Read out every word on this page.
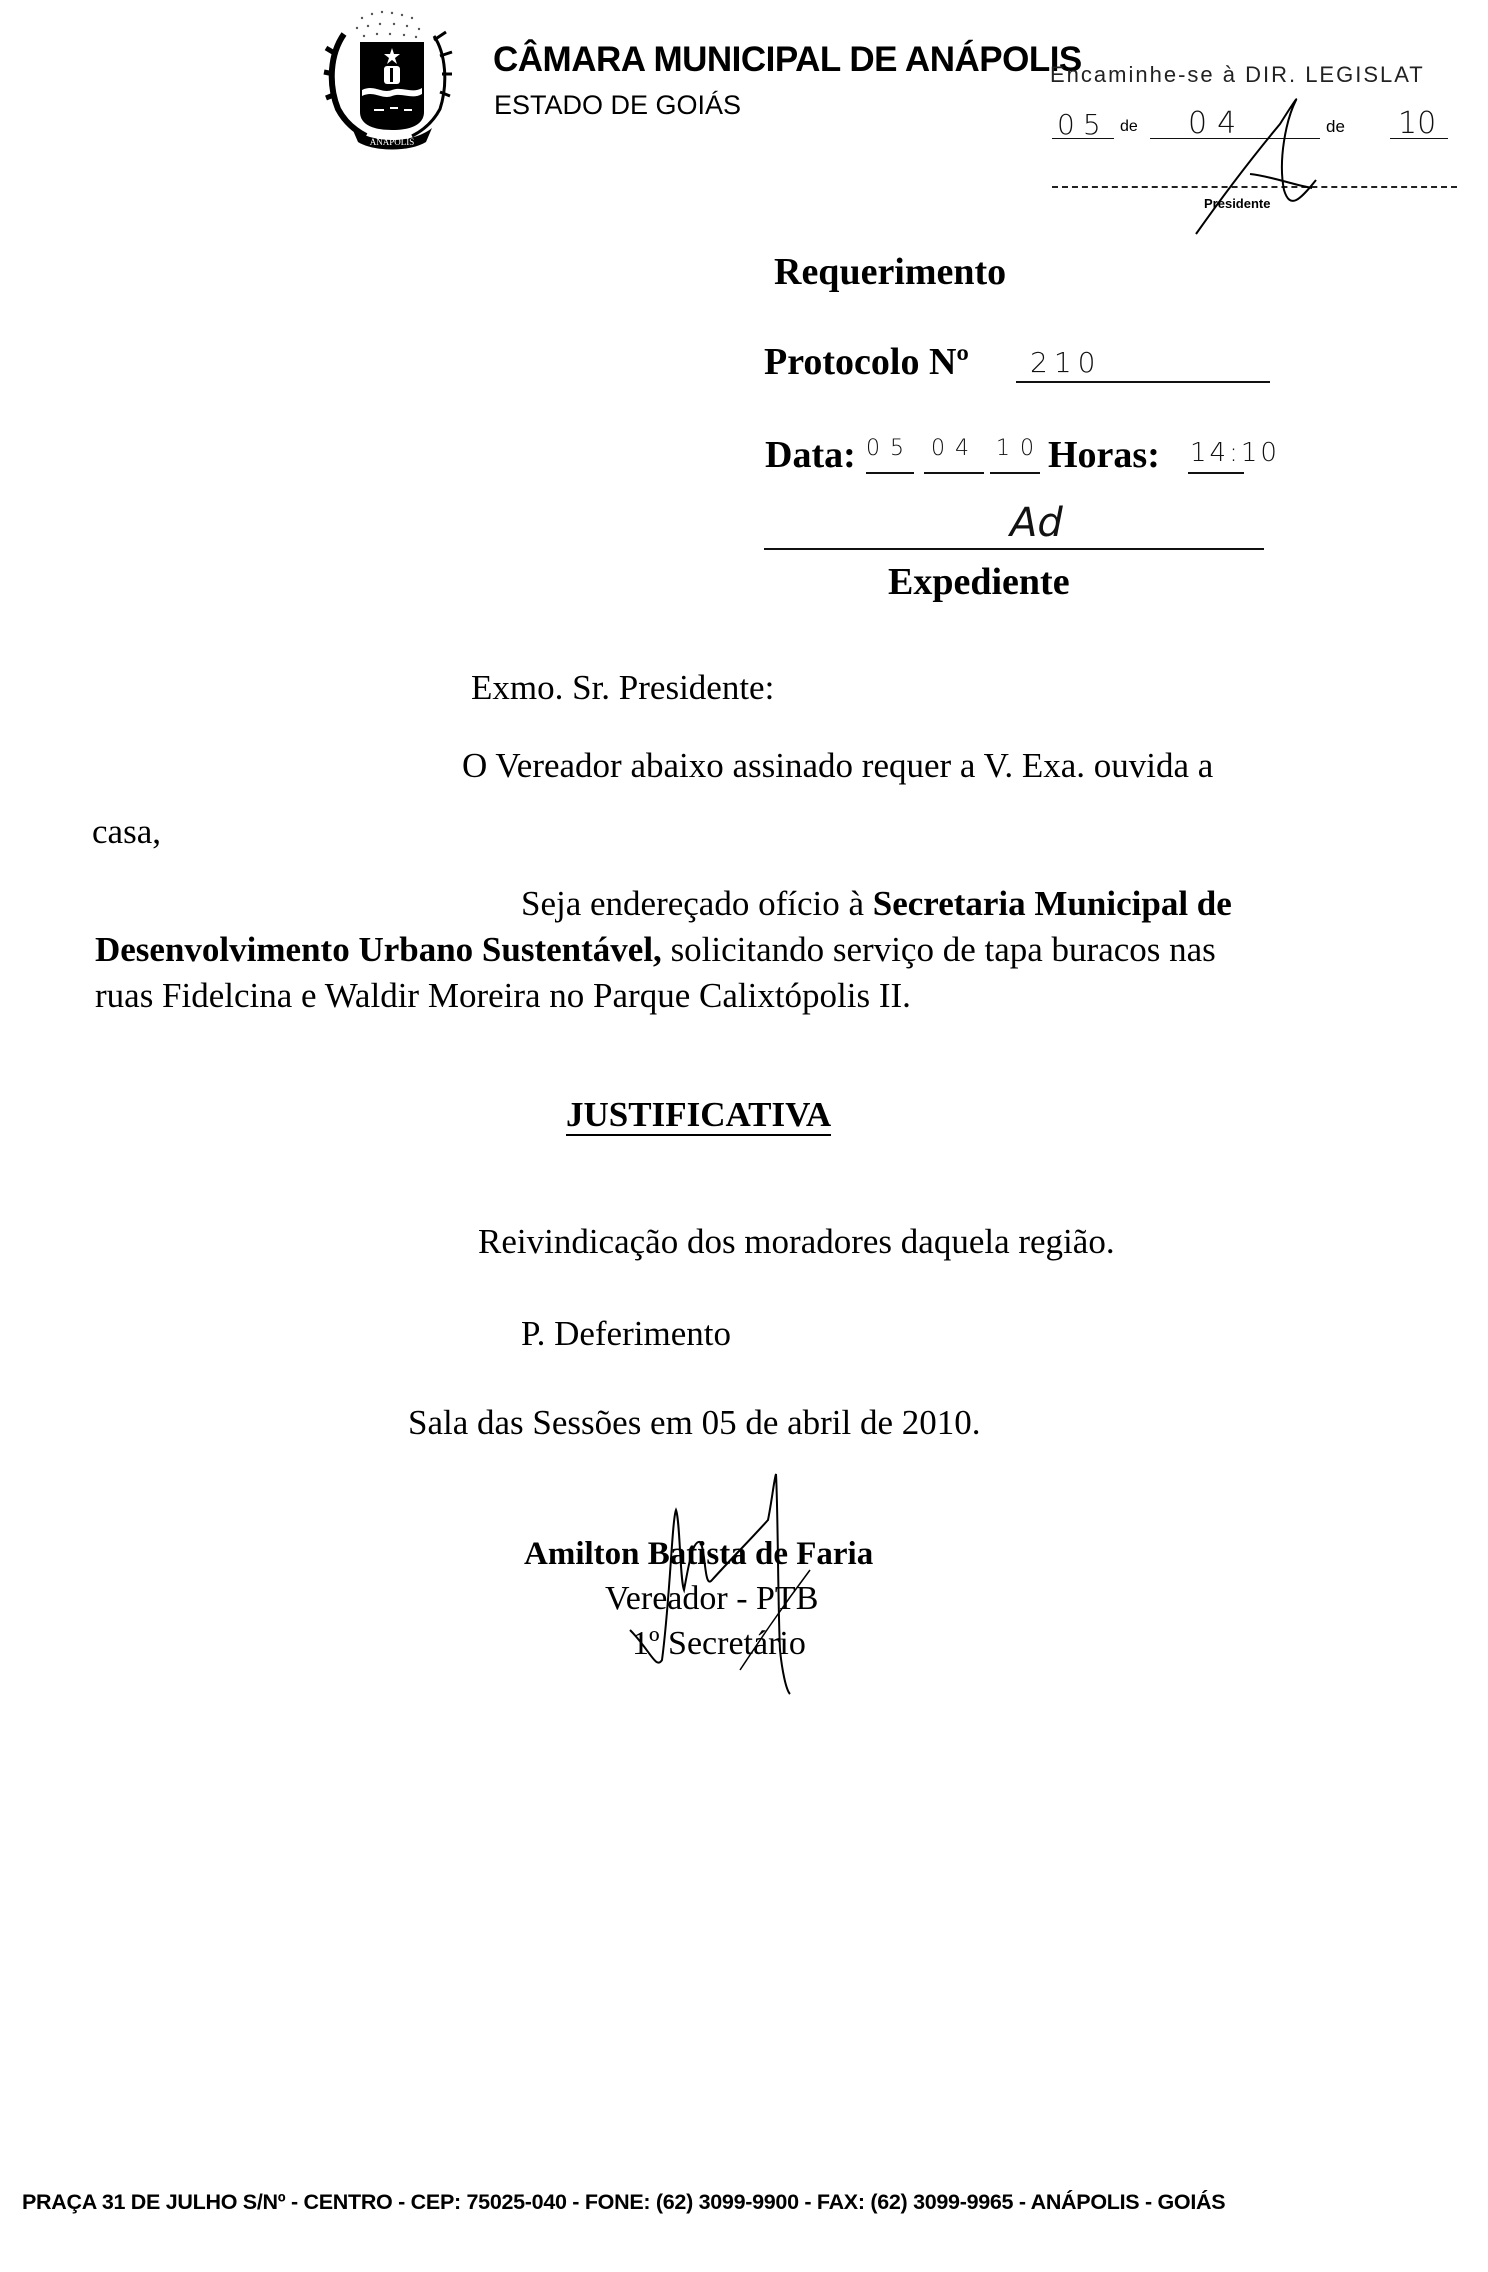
ANÁPOLIS
CÂMARA MUNICIPAL DE ANÁPOLIS
ESTADO DE GOIÁS
Encaminhe-se à DIR. LEGISLAT
05 de 04	de 10
Presidente
Requerimento
Protocolo Nº 210
Data: 05 04 10 Horas: 14:10
Ad
Expediente
Exmo. Sr. Presidente:
O Vereador abaixo assinado requer a V. Exa. ouvida a
casa,
Seja endereçado ofício à Secretaria Municipal de
Desenvolvimento Urbano Sustentável, solicitando serviço de tapa buracos nas
ruas Fidelcina e Waldir Moreira no Parque Calixtópolis II.
JUSTIFICATIVA
Reivindicação dos moradores daquela região.
P. Deferimento
Sala das Sessões em 05 de abril de 2010.
Amilton Batista de Faria
Vereador - PTB
1º Secretário
PRAÇA 31 DE JULHO S/Nº - CENTRO - CEP: 75025-040 - FONE: (62) 3099-9900 - FAX: (62) 3099-9965 - ANÁPOLIS - GOIÁS
